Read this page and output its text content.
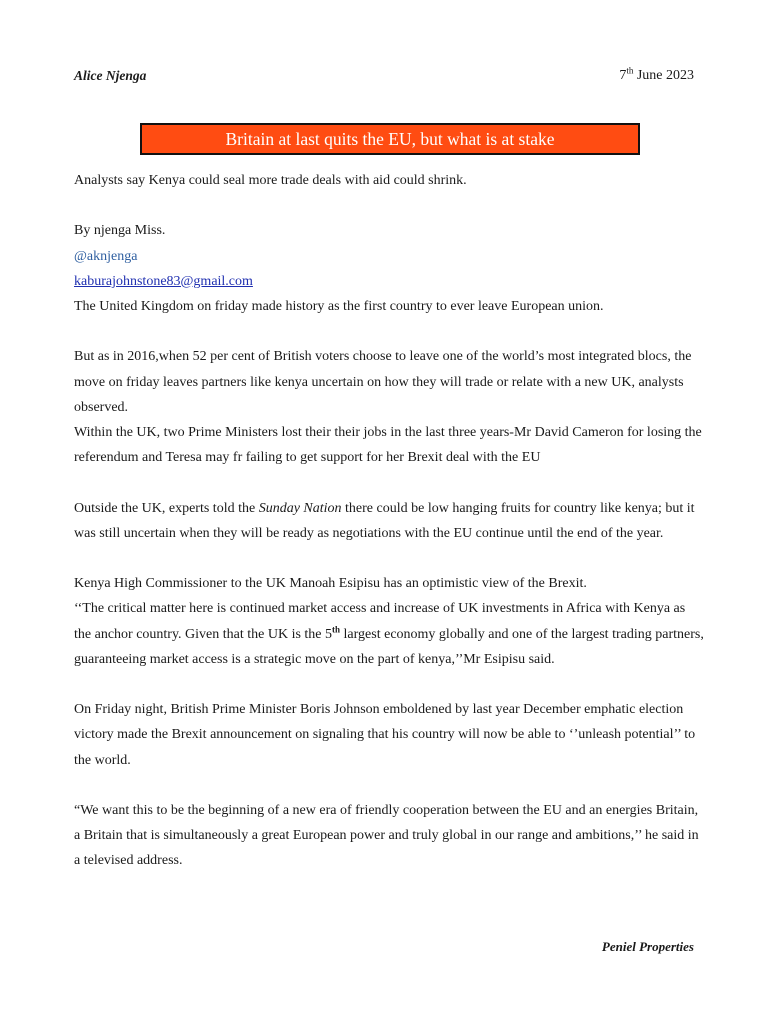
Alice Njenga	7th June 2023
Britain at last quits the EU, but what is at stake

Analysts say Kenya could seal more trade deals with aid could shrink.

By njenga Miss.

@aknjenga

kaburajohnstone83@gmail.com

The United Kingdom on friday made history as the first country to ever leave European union.

But as in 2016,when 52 per cent of British voters choose to leave one of the world’s most integrated blocs, the move on friday leaves partners like kenya uncertain on how they will trade or relate with a new UK, analysts observed.

Within the UK, two Prime Ministers lost their their jobs in the last three years-Mr David Cameron for losing the referendum and Teresa may fr failing to get support for her Brexit deal with the EU

Outside the UK, experts told the Sunday Nation there could be low hanging fruits for country like kenya; but it was still uncertain when they will be ready as negotiations with the EU continue until the end of the year.

Kenya High Commissioner to the UK Manoah Esipisu has an optimistic view of the Brexit.

‘‘The critical matter here is continued market access and increase of UK investments in Africa with Kenya as the anchor country. Given that the UK is the 5th largest economy globally and one of the largest trading partners, guaranteeing market access is a strategic move on the part of kenya,’’Mr Esipisu said.

On Friday night, British Prime Minister Boris Johnson emboldened by last year December emphatic election victory made the Brexit announcement on signaling that his country will now be able to ‘’unleash potential’’ to the world.

“We want this to be the beginning of a new era of friendly cooperation between the EU and an energies Britain, a Britain that is simultaneously a great European power and truly global in our range and ambitions,’’ he said in a televised address.

Peniel Properties
